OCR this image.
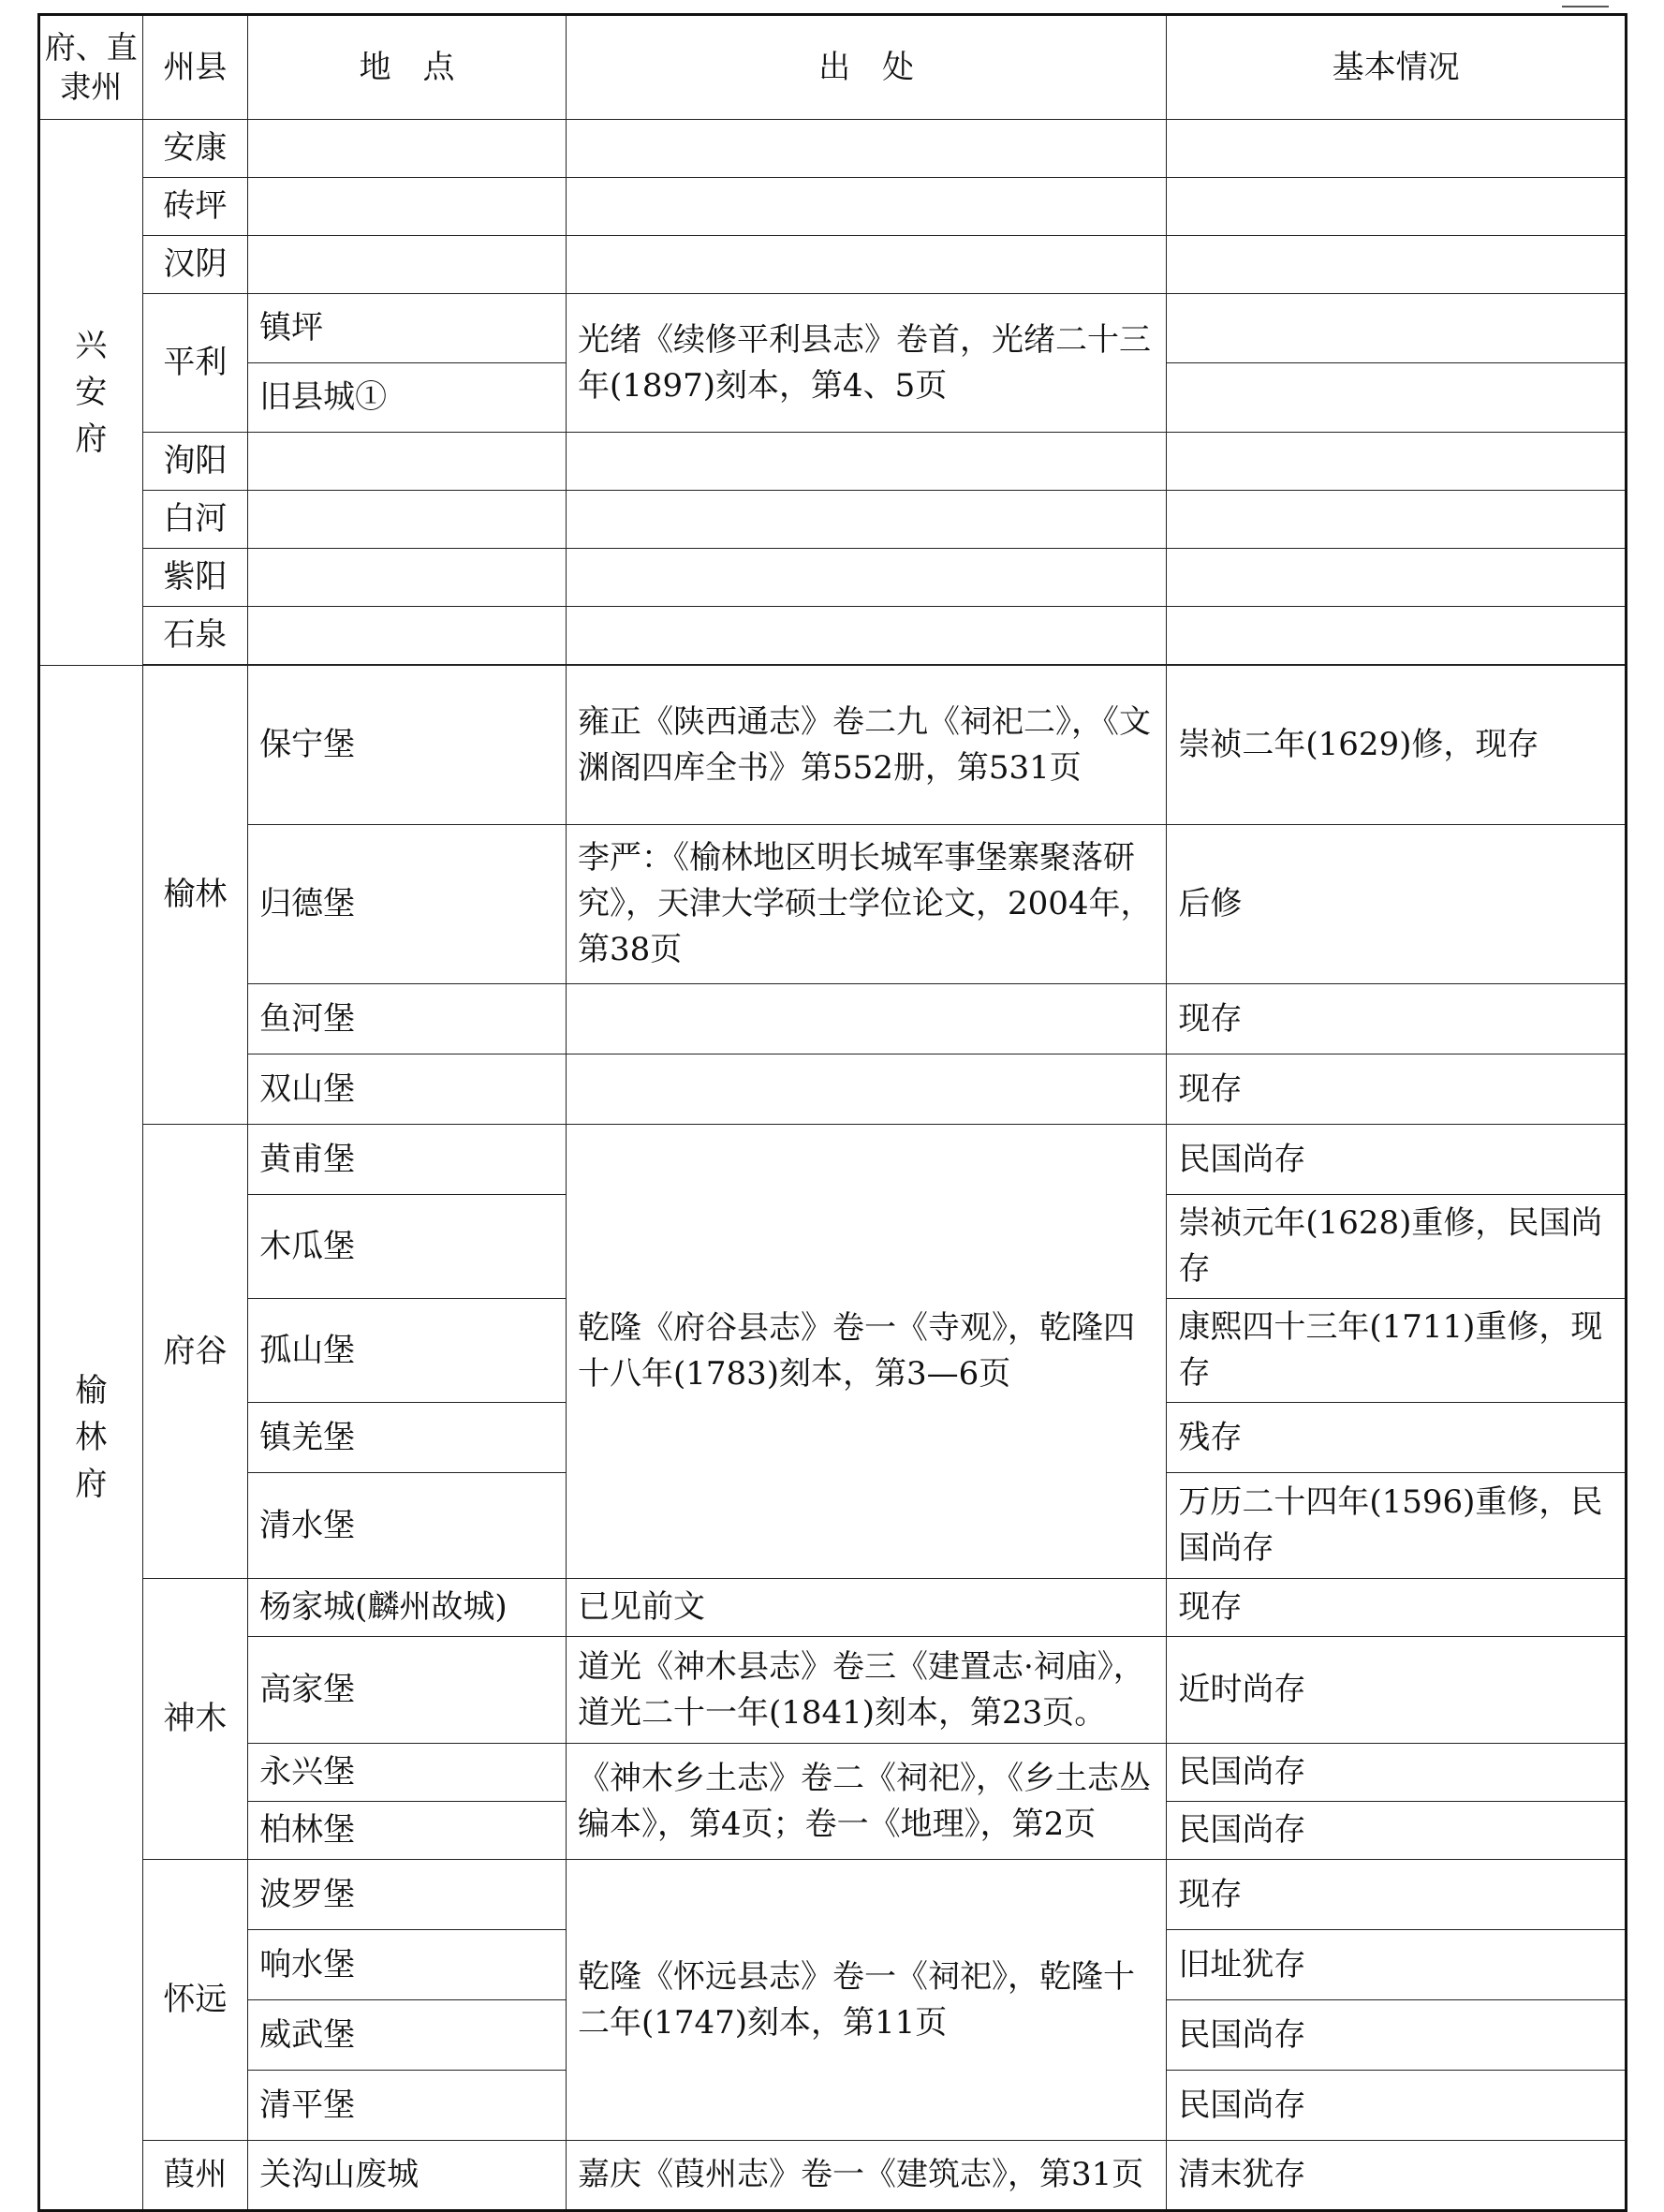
府、直隶州	州县	地　点	出　处	基本情况

兴安府	安康			
	砖坪			
	汉阴			
	平利	镇坪	光绪《续修平利县志》卷首，光绪二十三年(1897)刻本，第4、5页	
		旧县城①		
	洵阳			
	白河			
	紫阳			
	石泉			

榆林府	榆林	保宁堡	雍正《陕西通志》卷二九《祠祀二》，《文渊阁四库全书》第552册，第531页	崇祯二年(1629)修，现存
		归德堡	李严：《榆林地区明长城军事堡寨聚落研究》，天津大学硕士学位论文，2004年，第38页	后修
		鱼河堡		现存
		双山堡		现存
	府谷	黄甫堡	乾隆《府谷县志》卷一《寺观》，乾隆四十八年(1783)刻本，第3—6页	民国尚存
		木瓜堡		崇祯元年(1628)重修，民国尚存
		孤山堡		康熙四十三年(1711)重修，现存
		镇羌堡		残存
		清水堡		万历二十四年(1596)重修，民国尚存
	神木	杨家城(麟州故城)	已见前文	现存
		高家堡	道光《神木县志》卷三《建置志·祠庙》，道光二十一年(1841)刻本，第23页。	近时尚存
		永兴堡	《神木乡土志》卷二《祠祀》，《乡土志丛编本》，第4页；卷一《地理》，第2页	民国尚存
		柏林堡		民国尚存
	怀远	波罗堡	乾隆《怀远县志》卷一《祠祀》，乾隆十二年(1747)刻本，第11页	现存
		响水堡		旧址犹存
		威武堡		民国尚存
		清平堡		民国尚存
	葭州	关沟山废城	嘉庆《葭州志》卷一《建筑志》，第31页	清末犹存
